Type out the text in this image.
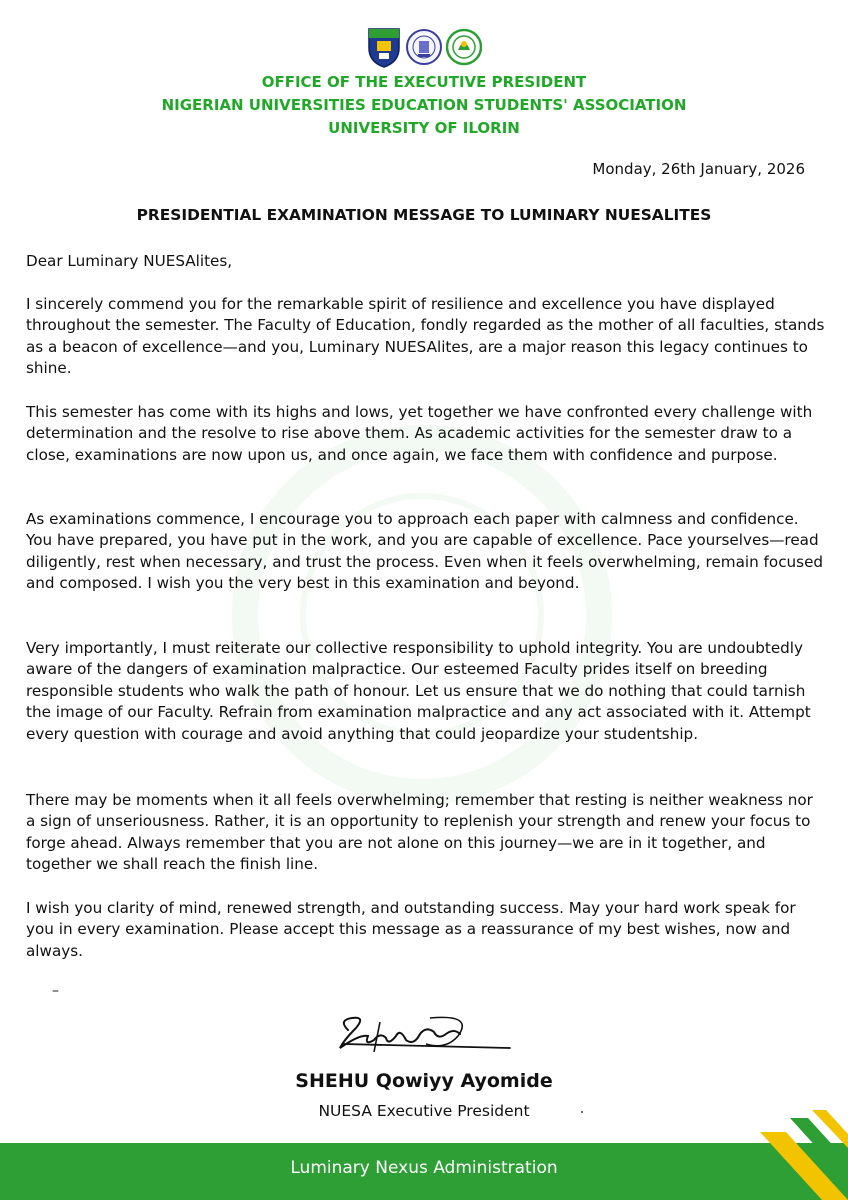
OFFICE OF THE EXECUTIVE PRESIDENT
NIGERIAN UNIVERSITIES EDUCATION STUDENTS' ASSOCIATION
UNIVERSITY OF ILORIN
Monday, 26th January, 2026
PRESIDENTIAL EXAMINATION MESSAGE TO LUMINARY NUESALITES
Dear Luminary NUESAlites,

I sincerely commend you for the remarkable spirit of resilience and excellence you have displayed throughout the semester. The Faculty of Education, fondly regarded as the mother of all faculties, stands as a beacon of excellence—and you, Luminary NUESAlites, are a major reason this legacy continues to shine.

This semester has come with its highs and lows, yet together we have confronted every challenge with determination and the resolve to rise above them. As academic activities for the semester draw to a close, examinations are now upon us, and once again, we face them with confidence and purpose.

As examinations commence, I encourage you to approach each paper with calmness and confidence. You have prepared, you have put in the work, and you are capable of excellence. Pace yourselves—read diligently, rest when necessary, and trust the process. Even when it feels overwhelming, remain focused and composed. I wish you the very best in this examination and beyond.

Very importantly, I must reiterate our collective responsibility to uphold integrity. You are undoubtedly aware of the dangers of examination malpractice. Our esteemed Faculty prides itself on breeding responsible students who walk the path of honour. Let us ensure that we do nothing that could tarnish the image of our Faculty. Refrain from examination malpractice and any act associated with it. Attempt every question with courage and avoid anything that could jeopardize your studentship.

There may be moments when it all feels overwhelming; remember that resting is neither weakness nor a sign of unseriousness. Rather, it is an opportunity to replenish your strength and renew your focus to forge ahead. Always remember that you are not alone on this journey—we are in it together, and together we shall reach the finish line.

I wish you clarity of mind, renewed strength, and outstanding success. May your hard work speak for you in every examination. Please accept this message as a reassurance of my best wishes, now and always.

–
SHEHU Qowiyy Ayomide
NUESA Executive President
Luminary Nexus Administration
